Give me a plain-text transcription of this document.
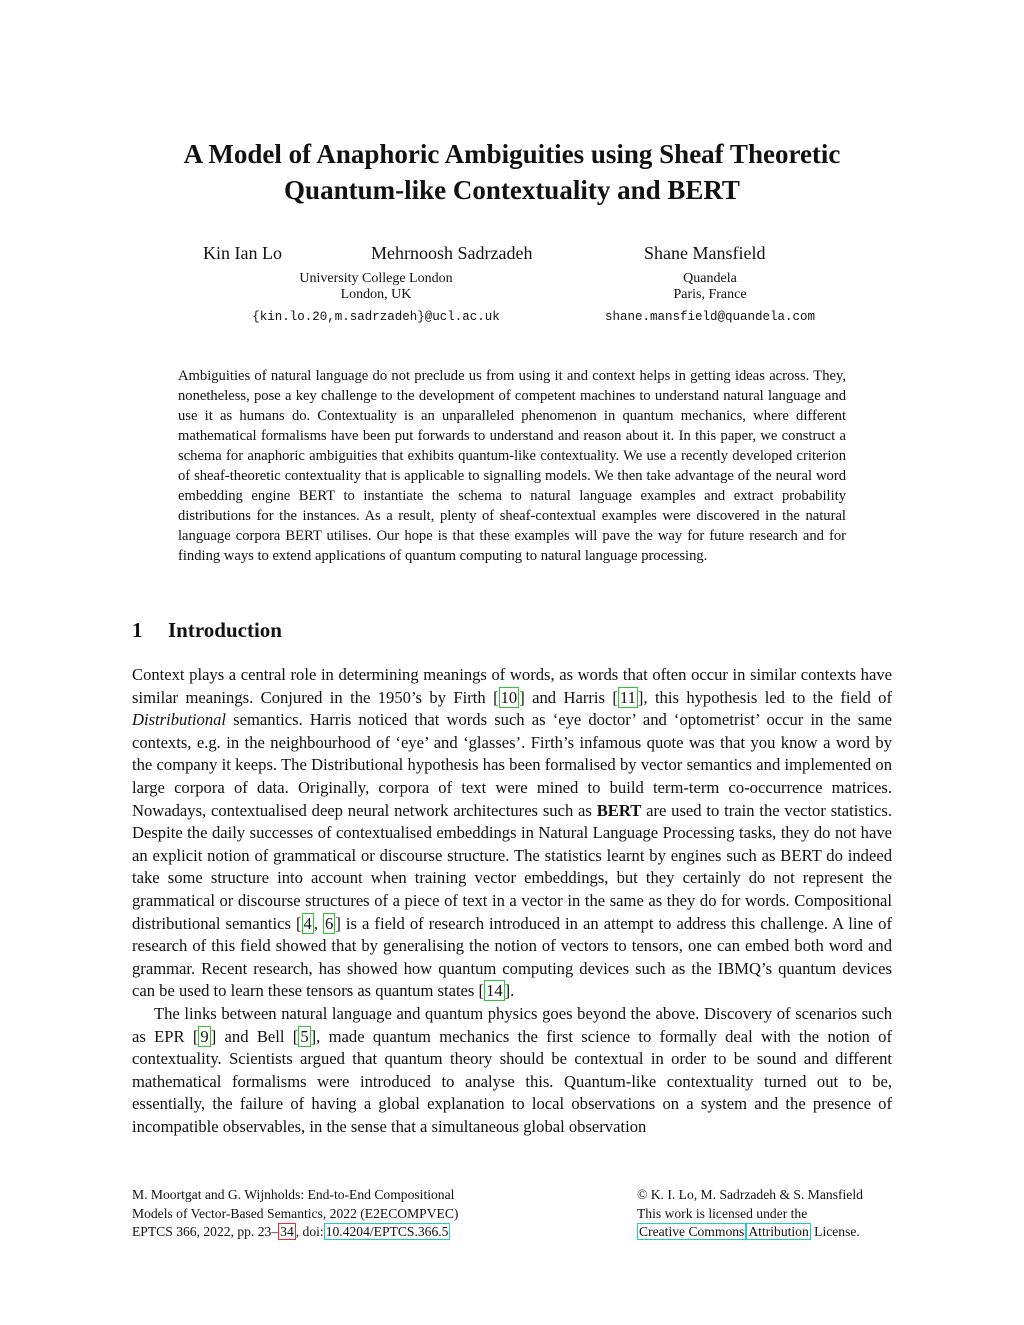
A Model of Anaphoric Ambiguities using Sheaf Theoretic
Quantum-like Contextuality and BERT
Kin Ian Lo	Mehrnoosh Sadrzadeh	Shane Mansfield
University College London
London, UK
{kin.lo.20,m.sadrzadeh}@ucl.ac.uk
Quandela
Paris, France
shane.mansfield@quandela.com

Ambiguities of natural language do not preclude us from using it and context helps in getting ideas across. They, nonetheless, pose a key challenge to the development of competent machines to understand natural language and use it as humans do. Contextuality is an unparalleled phenomenon in quantum mechanics, where different mathematical formalisms have been put forwards to understand and reason about it. In this paper, we construct a schema for anaphoric ambiguities that exhibits quantum-like contextuality. We use a recently developed criterion of sheaf-theoretic contextuality that is applicable to signalling models. We then take advantage of the neural word embedding engine BERT to instantiate the schema to natural language examples and extract probability distributions for the instances. As a result, plenty of sheaf-contextual examples were discovered in the natural language corpora BERT utilises. Our hope is that these examples will pave the way for future research and for finding ways to extend applications of quantum computing to natural language processing.

1 Introduction

Context plays a central role in determining meanings of words, as words that often occur in similar contexts have similar meanings. Conjured in the 1950’s by Firth [ 10 ] and Harris [ 11 ], this hypothesis led to the field of Distributional semantics. Harris noticed that words such as ‘eye doctor’ and ‘optometrist’ occur in the same contexts, e.g. in the neighbourhood of ‘eye’ and ‘glasses’. Firth’s infamous quote was that you know a word by the company it keeps. The Distributional hypothesis has been formalised by vector semantics and implemented on large corpora of data. Originally, corpora of text were mined to build term-term co-occurrence matrices. Nowadays, contextualised deep neural network architectures such as BERT are used to train the vector statistics. Despite the daily successes of contextualised embeddings in Natural Language Processing tasks, they do not have an explicit notion of grammatical or discourse structure. The statistics learnt by engines such as BERT do indeed take some structure into account when training vector embeddings, but they certainly do not represent the grammatical or discourse structures of a piece of text in a vector in the same as they do for words. Compositional distributional semantics [ 4 , 6 ] is a field of research introduced in an attempt to address this challenge. A line of research of this field showed that by generalising the notion of vectors to tensors, one can embed both word and grammar. Recent research, has showed how quantum computing devices such as the IBMQ’s quantum devices can be used to learn these tensors as quantum states [ 14 ].

The links between natural language and quantum physics goes beyond the above. Discovery of scenarios such as EPR [ 9 ] and Bell [ 5 ], made quantum mechanics the first science to formally deal with the notion of contextuality. Scientists argued that quantum theory should be contextual in order to be sound and different mathematical formalisms were introduced to analyse this. Quantum-like contextuality turned out to be, essentially, the failure of having a global explanation to local observations on a system and the presence of incompatible observables, in the sense that a simultaneous global observation

M. Moortgat and G. Wijnholds: End-to-End Compositional
Models of Vector-Based Semantics, 2022 (E2ECOMPVEC)
EPTCS 366, 2022, pp. 23– 34 , doi: 10.4204/EPTCS.366.5
© K. I. Lo, M. Sadrzadeh & S. Mansfield
This work is licensed under the
Creative Commons Attribution License.
